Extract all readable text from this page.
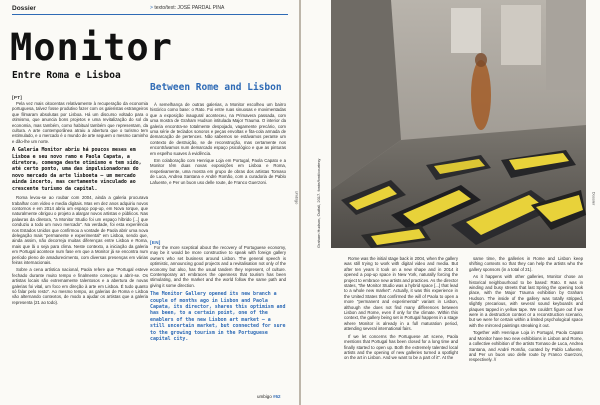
Dossier	> texto/text: JOSÉ PARDAL PINA
Monitor
Entre Roma e Lisboa
Between Rome and Lisbon
[PT]

Pela vez mais oitocentas relativamente à recuperação da economia portuguesa, talvez fosse produtivo fazer com os galeristas estrangeiros que filmaram absolutas por Lisboa. Há um discurso voltado para o otimismo, que anuncia bons projetos e uma revitalização do sol da economia, mas também, como habitual também que representam, da cultura. A arte contemporânea atraiu a abertura que o turismo tem estimulado, e o mercado é o mundo de arte seguem o mesmo caminho e dão-lhe um norte.

A Galeria Monitor abriu há poucos meses em Lisboa e seu novo ramo e Paola Capata, a diretora, comenga deste otimismo e tem sido, até certo ponto, uma das impulsionadoras do novo mercado da arte lisboeta – um mercado ainda incerto, mas certamente vinculado ao crescente turismo da capital.

Roma levou-se ao roubar com 2004, ainda a galeria procurava trabalhar com vídeo e media digitais. Mas em dez anos adquiriu novos contornos e em 2014 abriu um espaço pop-up, em Nova Iorque, que naturalmente obrigou o projeto a alargar novos artistas e públicos. Nas palavras da diretora, "a Monitor Studio foi um espaço híbrido [...] que conduziu a todo um novo mercado". Na verdade, foi esta experiência nos Estados Unidos que confirmou a vontade de Paola abrir uma nova delegação mais "permanente e experimental" em Lisboa, sendo que, ainda assim, não decorreja muitas diferenças entre Lisboa e Roma, mais que lá o seja para clima. Neste contexto, a iniciação da galeria em Portugal acontece num fase em que a Monitor já se encontra num período pleno de amadurecimento, com diversas presenças em várias feiras internacionais.

Sobre a cena artística nacional, Paola refere que "Portugal esteve fechado durante muito tempo e finalmente começou a abrir-se. Os artistas locais são extremamente talentosos e a abertura de novas galerias foi vital, um foco em direção à arte em Lisboa. É tudo quanto só falar pelo resto". Ao mesmo tempo, as galerias de Roma e Lisboa vão alternando contextos, de modo a ajudar os artistas que a galeria representa (21 ao todo).

À semelhança de outras galerias, a Monitor escolheu um bairro histórico como base: o Rato. Foi entre ruas sinuosas e movimentadas que a exposição inaugural aconteceu, na Primavera passada, com uma mostra de Graham Hudson intitulada Major Trauma. O interior da galeria encontra-se totalmente despojado, vagamente precário, com uma série de teclados sonoros e peças envoltas e fita-cola armada de demarcação de pertences. Não sabemos se estávamos perante um contexto de destruição, se de reconstrução, mas certamente nos encontrávamos num demarcado espaço psicológico e que as pinturas em espelho suaves à evidência.

Em colaboração com Henrique Loja em Portugal, Paola Capato e a Monitor têm duas novas exposições em Lisboa e Roma, respetivamente, uma mostra em grupo de obras dos artistas Tomaso de Luca, Andrea Santana e André Romão, com a curadoria de Pablo Lafuente, e Per un buon uso delle route, de Franco Guerzoni.

[EN]

For the more sceptical about the recovery of Portuguese economy, may be it would be more constructive to speak with foreign gallery owners who set business around Lisbon. The general speech is optimistic, announcing good projects and a revitalisation not only of the economy but also, has the usual tandem they represent, of culture. Contemporary art embraces the openness that tourism has been stimulating, and the market and the world follow the same path and giving it some direction.

The Monitor Gallery opened its new branch a couple of months ago in Lisbon and Paola Capata, its director, shares this optimism and has been, to a certain point, one of the enablers of the new Lisbon art market – a still uncertain market, but connected for sure to the growing tourism in the Portuguese capital city.
umbigo #62
Umbigo	Graham Hudson, Outfall, 2017. fonte/font/courtesy

Rome was the initial stage back in 2004, when the gallery was still trying to work with digital video and media. But after ten years it took on a new shape and in 2014 it opened a pop-up space in New York, naturally forcing the project to embrace new artists and practices. As the director states, "the Monitor Studio was a hybrid space [...] that lead to a whole new market". Actually, it was this experience in the United States that confirmed the will of Paola to open a more "permanent and experimental" variant in Lisbon, although she does not find many differences between Lisbon and Rome, even if only for the climate. Within this context, the gallery being set in Portugal happens in a stage where Monitor is already in a full maturation period, attending several international fairs.

If we let concerns the Portuguese art scene, Paola mentions that Portugal has been closed for a long time and finally started to open up. Both the extremely talented local artists and the opening of new galleries turned a spotlight on the art in Lisbon. And we want to be a part of it". At the

same time, the galleries in Rome and Lisbon keep shifting contexts so that they can help the artists who the gallery sponsors (in a total of 21).

As it happens with other galleries, Monitor chose an historical neighbourhood to be based: Rato. It was in winding and busy streets that last Spring the opening took place, with the Major Trauma exhibition by Graham Hudson. The inside of the gallery was totally stripped, slightly precarious, with several sound keyboards and plaques tapped in yellow tape. We couldn't figure out if we were in a destruction context or a reconstruction scenario, but we were for certain within a limited psychological space with the mirrored paintings streaking it out.

Together with Henrique Loja in Portugal, Paola Capato and Monitor have two new exhibitions in Lisbon and Rome, a collective exhibition of the artists Tomaso de Luca, Andrea Santana, and André Romão, curated by Pablo Lafuente, and Per un buon uso delle route by Franco Guerzoni, respectively. //

Dossier
